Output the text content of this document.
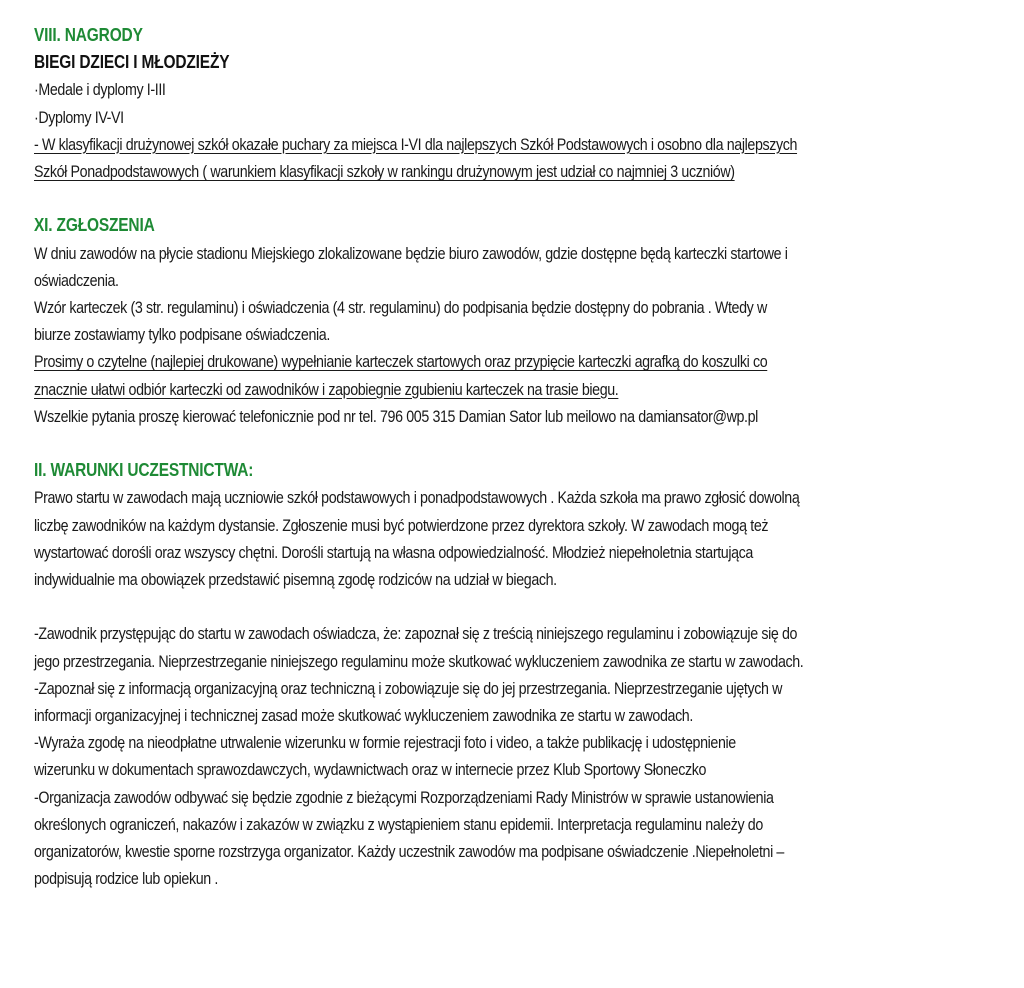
VIII. NAGRODY
BIEGI DZIECI I MŁODZIEŻY
·Medale i dyplomy I-III
·Dyplomy IV-VI
- W klasyfikacji drużynowej szkół okazałe puchary za miejsca I-VI dla najlepszych Szkół Podstawowych i osobno dla najlepszych
Szkół Ponadpodstawowych ( warunkiem klasyfikacji szkoły w rankingu drużynowym jest udział co najmniej 3 uczniów)
XI. ZGŁOSZENIA
W dniu zawodów na płycie stadionu Miejskiego zlokalizowane będzie biuro zawodów, gdzie dostępne będą karteczki startowe i
oświadczenia.
Wzór karteczek (3 str. regulaminu) i oświadczenia (4 str. regulaminu) do podpisania będzie dostępny do pobrania . Wtedy w
biurze zostawiamy tylko podpisane oświadczenia.
Prosimy o czytelne (najlepiej drukowane) wypełnianie karteczek startowych oraz przypięcie karteczki agrafką do koszulki co
znacznie ułatwi odbiór karteczki od zawodników i zapobiegnie zgubieniu karteczek na trasie biegu.
Wszelkie pytania proszę kierować telefonicznie pod nr tel. 796 005 315 Damian Sator lub meilowo na damiansator@wp.pl
II. WARUNKI UCZESTNICTWA:
Prawo startu w zawodach mają uczniowie szkół podstawowych i ponadpodstawowych . Każda szkoła ma prawo zgłosić dowolną
liczbę zawodników na każdym dystansie. Zgłoszenie musi być potwierdzone przez dyrektora szkoły. W zawodach mogą też
wystartować dorośli oraz wszyscy chętni. Dorośli startują na własna odpowiedzialność. Młodzież niepełnoletnia startująca
indywidualnie ma obowiązek przedstawić pisemną zgodę rodziców na udział w biegach.
-Zawodnik przystępując do startu w zawodach oświadcza, że: zapoznał się z treścią niniejszego regulaminu i zobowiązuje się do
jego przestrzegania. Nieprzestrzeganie niniejszego regulaminu może skutkować wykluczeniem zawodnika ze startu w zawodach.
-Zapoznał się z informacją organizacyjną oraz techniczną i zobowiązuje się do jej przestrzegania. Nieprzestrzeganie ujętych w
informacji organizacyjnej i technicznej zasad może skutkować wykluczeniem zawodnika ze startu w zawodach.
-Wyraża zgodę na nieodpłatne utrwalenie wizerunku w formie rejestracji foto i video, a także publikację i udostępnienie
wizerunku w dokumentach sprawozdawczych, wydawnictwach oraz w internecie przez Klub Sportowy Słoneczko
-Organizacja zawodów odbywać się będzie zgodnie z bieżącymi Rozporządzeniami Rady Ministrów w sprawie ustanowienia
określonych ograniczeń, nakazów i zakazów w związku z wystąpieniem stanu epidemii. Interpretacja regulaminu należy do
organizatorów, kwestie sporne rozstrzyga organizator. Każdy uczestnik zawodów ma podpisane oświadczenie .Niepełnoletni –
podpisują rodzice lub opiekun .
